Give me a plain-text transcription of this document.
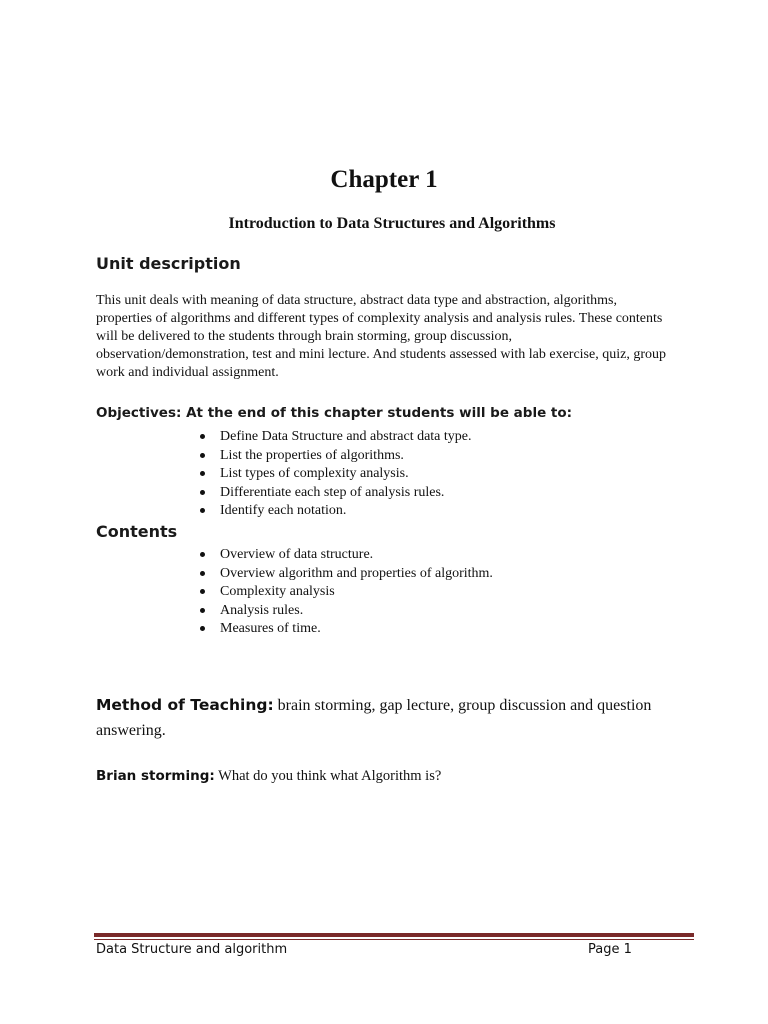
Chapter 1
Introduction to Data Structures and Algorithms
Unit description
This unit deals with meaning of data structure, abstract data type and abstraction, algorithms, properties of algorithms and different types of complexity analysis and analysis rules. These contents will be delivered to the students through brain storming, group discussion, observation/demonstration, test and mini lecture. And students assessed with lab exercise, quiz, group work and individual assignment.
Objectives: At the end of this chapter students will be able to:
Define Data Structure and abstract data type.
List the properties of algorithms.
List types of complexity analysis.
Differentiate each step of analysis rules.
Identify each notation.
Contents
Overview of data structure.
Overview algorithm and properties of algorithm.
Complexity analysis
Analysis rules.
Measures of time.
Method of Teaching: brain storming, gap lecture, group discussion and question answering.
Brian storming: What do you think what Algorithm is?
Data Structure and algorithm	Page 1
